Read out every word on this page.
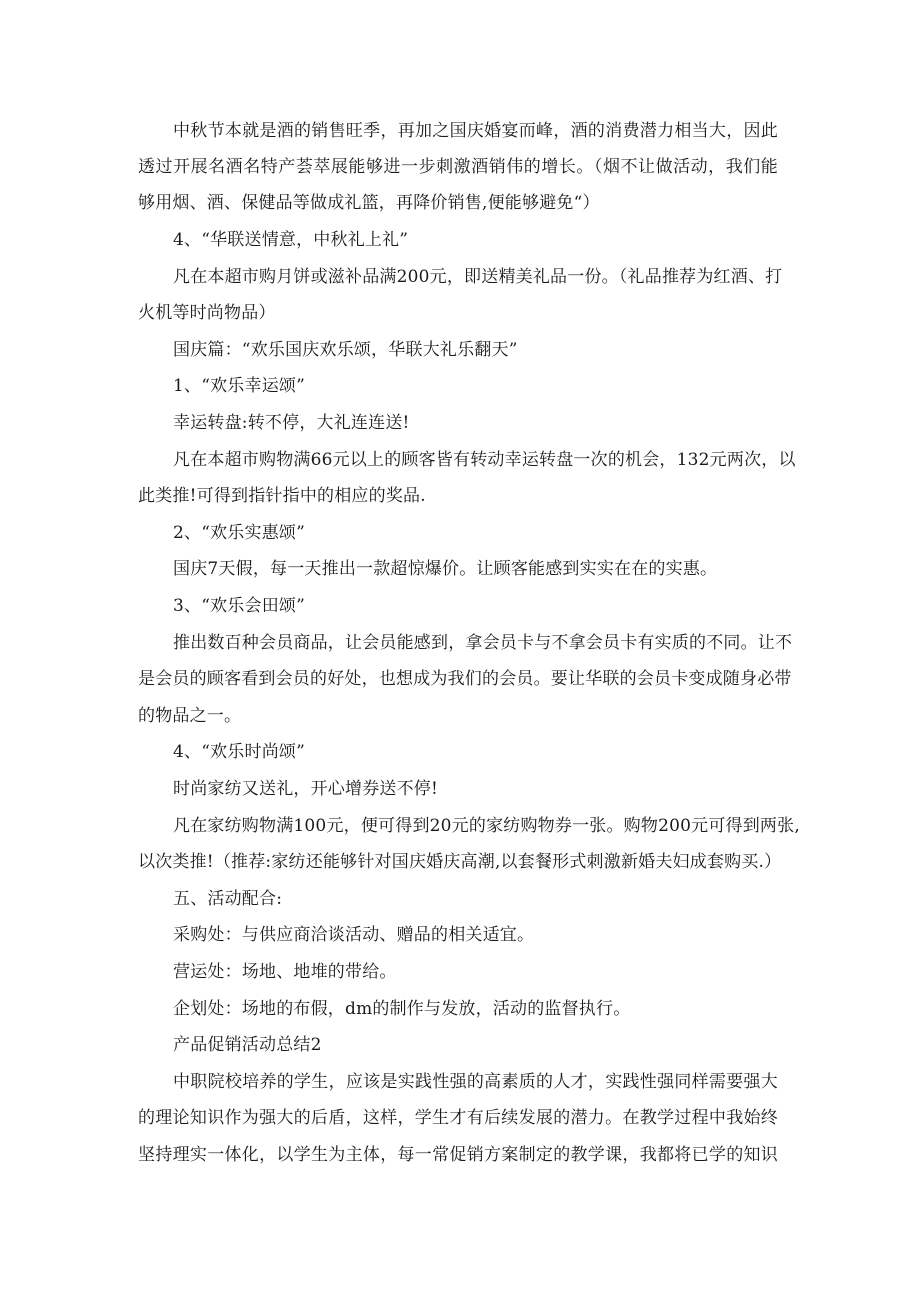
中秋节本就是酒的销售旺季，再加之国庆婚宴而峰，酒的消费潜力相当大，因此
透过开展名酒名特产荟萃展能够进一步刺激酒销伟的增长。（烟不让做活动，我们能
够用烟、酒、保健品等做成礼篮，再降价销售,便能够避免“）
4、“华联送情意，中秋礼上礼”
凡在本超市购月饼或滋补品满200元，即送精美礼品一份。（礼品推荐为红酒、打
火机等时尚物品）
国庆篇：“欢乐国庆欢乐颂，华联大礼乐翻天”
1、“欢乐幸运颂”
幸运转盘:转不停，大礼连连送!
凡在本超市购物满66元以上的顾客皆有转动幸运转盘一次的机会，132元两次，以
此类推!可得到指针指中的相应的奖品.
2、“欢乐实惠颂”
国庆7天假，每一天推出一款超惊爆价。让顾客能感到实实在在的实惠。
3、“欢乐会田颂”
推出数百种会员商品，让会员能感到，拿会员卡与不拿会员卡有实质的不同。让不
是会员的顾客看到会员的好处，也想成为我们的会员。要让华联的会员卡变成随身必带
的物品之一。
4、“欢乐时尚颂”
时尚家纺又送礼，开心增券送不停!
凡在家纺购物满100元，便可得到20元的家纺购物券一张。购物200元可得到两张,
以次类推!（推荐:家纺还能够针对国庆婚庆高潮,以套餐形式刺激新婚夫妇成套购买.）
五、活动配合:
采购处：与供应商洽谈活动、赠品的相关适宜。
营运处：场地、地堆的带给。
企划处：场地的布假，dm的制作与发放，活动的监督执行。
产品促销活动总结2
中职院校培养的学生，应该是实践性强的高素质的人才，实践性强同样需要强大
的理论知识作为强大的后盾，这样，学生才有后续发展的潜力。在教学过程中我始终
坚持理实一体化，以学生为主体，每一常促销方案制定的教学课，我都将已学的知识
